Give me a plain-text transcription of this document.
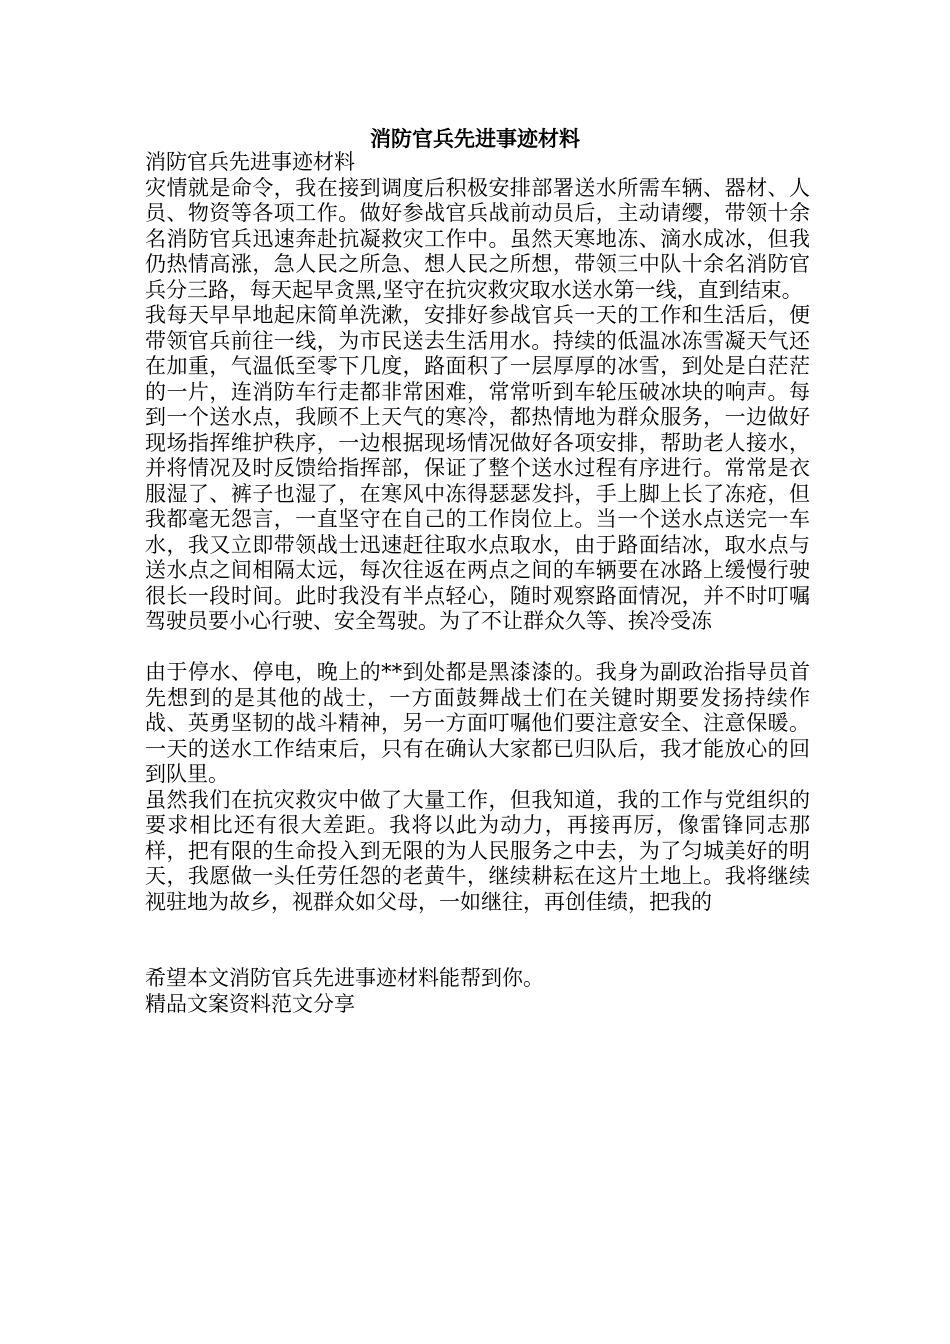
消防官兵先进事迹材料

消防官兵先进事迹材料

灾情就是命令，我在接到调度后积极安排部署送水所需车辆、器材、人员、物资等各项工作。做好参战官兵战前动员后，主动请缨，带领十余名消防官兵迅速奔赴抗凝救灾工作中。虽然天寒地冻、滴水成冰，但我仍热情高涨，急人民之所急、想人民之所想，带领三中队十余名消防官兵分三路，每天起早贪黑,坚守在抗灾救灾取水送水第一线，直到结束。

我每天早早地起床简单洗漱，安排好参战官兵一天的工作和生活后，便带领官兵前往一线，为市民送去生活用水。持续的低温冰冻雪凝天气还在加重，气温低至零下几度，路面积了一层厚厚的冰雪，到处是白茫茫的一片，连消防车行走都非常困难，常常听到车轮压破冰块的响声。每到一个送水点，我顾不上天气的寒冷，都热情地为群众服务，一边做好现场指挥维护秩序，一边根据现场情况做好各项安排，帮助老人接水，并将情况及时反馈给指挥部，保证了整个送水过程有序进行。常常是衣服湿了、裤子也湿了，在寒风中冻得瑟瑟发抖，手上脚上长了冻疮，但我都毫无怨言，一直坚守在自己的工作岗位上。当一个送水点送完一车水，我又立即带领战士迅速赶往取水点取水，由于路面结冰，取水点与送水点之间相隔太远，每次往返在两点之间的车辆要在冰路上缓慢行驶很长一段时间。此时我没有半点轻心，随时观察路面情况，并不时叮嘱驾驶员要小心行驶、安全驾驶。为了不让群众久等、挨冷受冻

由于停水、停电，晚上的**到处都是黑漆漆的。我身为副政治指导员首先想到的是其他的战士，一方面鼓舞战士们在关键时期要发扬持续作战、英勇坚韧的战斗精神，另一方面叮嘱他们要注意安全、注意保暖。一天的送水工作结束后，只有在确认大家都已归队后，我才能放心的回到队里。

虽然我们在抗灾救灾中做了大量工作，但我知道，我的工作与党组织的要求相比还有很大差距。我将以此为动力，再接再厉，像雷锋同志那样，把有限的生命投入到无限的为人民服务之中去，为了匀城美好的明天，我愿做一头任劳任怨的老黄牛，继续耕耘在这片土地上。我将继续视驻地为故乡，视群众如父母，一如继往，再创佳绩，把我的

希望本文消防官兵先进事迹材料能帮到你。

精品文案资料范文分享
